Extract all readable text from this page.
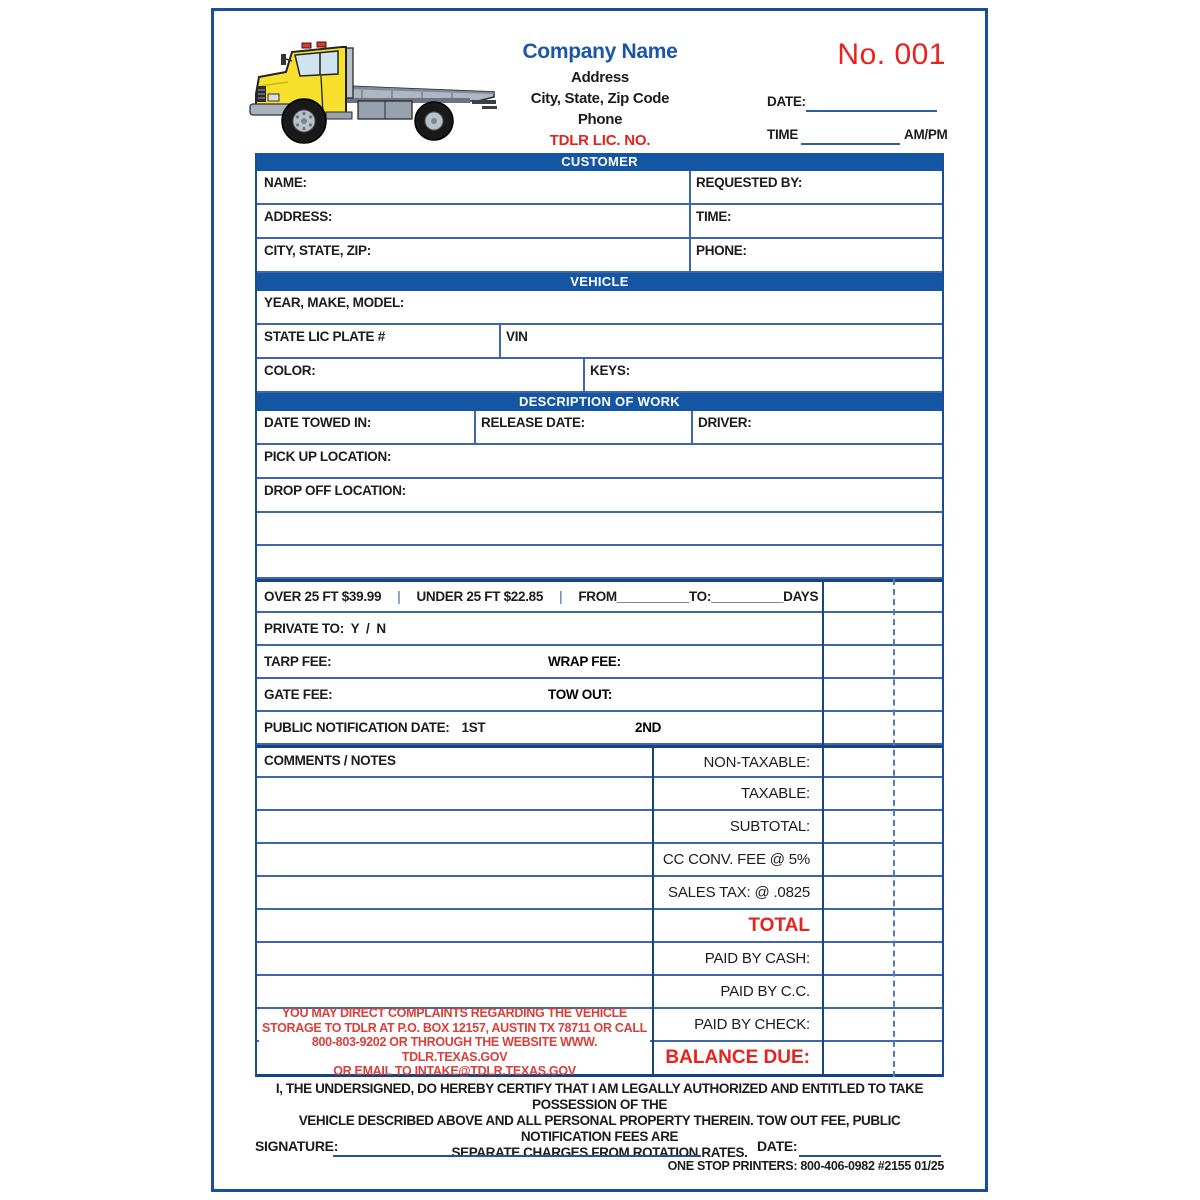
Company Name
Address
City, State, Zip Code
Phone
TDLR LIC. NO.
No. 001
DATE:
TIME	AM/PM
CUSTOMER
NAME:	REQUESTED BY:
ADDRESS:	TIME:
CITY, STATE, ZIP:	PHONE:
VEHICLE
YEAR, MAKE, MODEL:
STATE LIC PLATE #	VIN
COLOR:	KEYS:
DESCRIPTION OF WORK
DATE TOWED IN:	RELEASE DATE:	DRIVER:
PICK UP LOCATION:
DROP OFF LOCATION:
OVER 25 FT $39.99 | UNDER 25 FT $22.85 | FROM__________TO:__________DAYS
PRIVATE TO:  Y  /  N
TARP FEE:	WRAP FEE:
GATE FEE:	TOW OUT:
PUBLIC NOTIFICATION DATE: 1ST	2ND
COMMENTS / NOTES	NON-TAXABLE:
TAXABLE:
SUBTOTAL:
CC CONV. FEE @ 5%
SALES TAX: @ .0825
TOTAL
PAID BY CASH:
PAID BY C.C.
PAID BY CHECK:
BALANCE DUE:
YOU MAY DIRECT COMPLAINTS REGARDING THE VEHICLE
STORAGE TO TDLR AT P.O. BOX 12157, AUSTIN TX 78711 OR CALL
800-803-9202 OR THROUGH THE WEBSITE WWW. TDLR.TEXAS.GOV
OR EMAIL TO INTAKE@TDLR.TEXAS.GOV
I, THE UNDERSIGNED, DO HEREBY CERTIFY THAT I AM LEGALLY AUTHORIZED AND ENTITLED TO TAKE POSSESSION OF THE
VEHICLE DESCRIBED ABOVE AND ALL PERSONAL PROPERTY THEREIN. TOW OUT FEE, PUBLIC NOTIFICATION FEES ARE
SEPARATE CHARGES FROM ROTATION RATES.
SIGNATURE:	DATE:
ONE STOP PRINTERS: 800-406-0982 #2155 01/25
